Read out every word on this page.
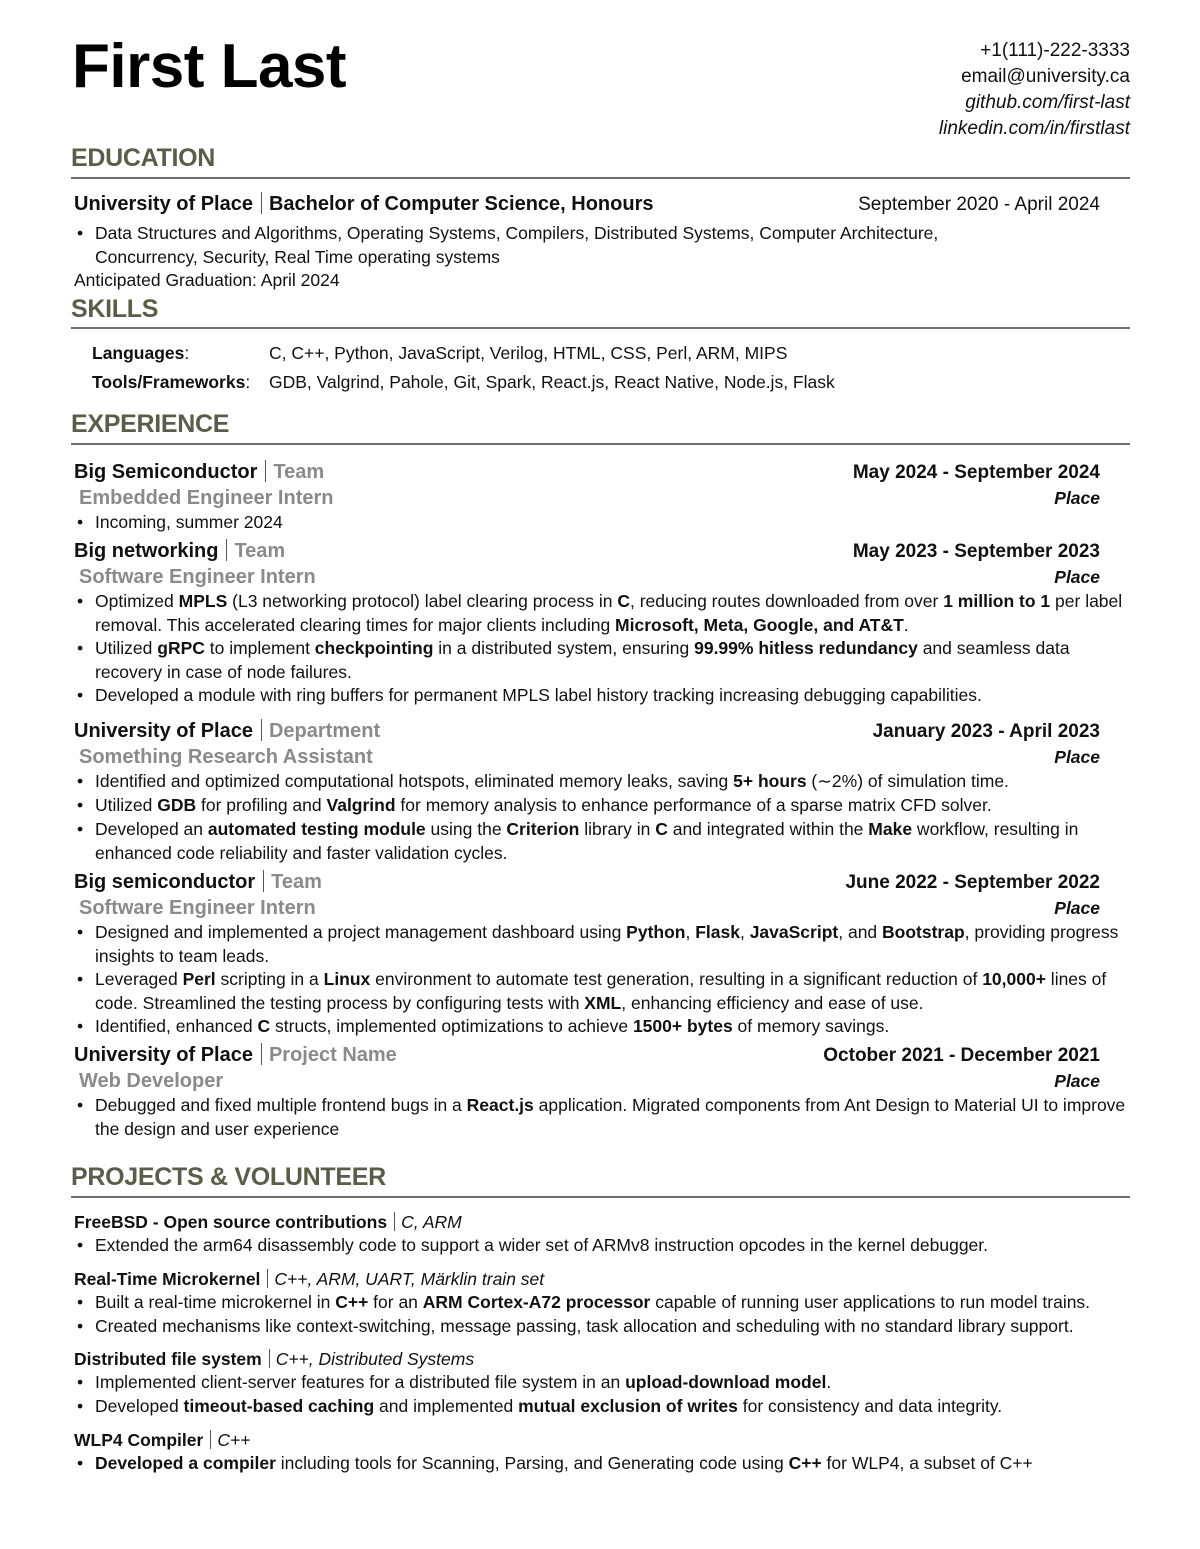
First Last	+1(111)-222-3333
email@university.ca
github.com/first-last
linkedin.com/in/firstlast
EDUCATION
University of Place Bachelor of Computer Science, Honours	September 2020 - April 2024
• Data Structures and Algorithms, Operating Systems, Compilers, Distributed Systems, Computer Architecture,
Concurrency, Security, Real Time operating systems
Anticipated Graduation: April 2024
SKILLS
Languages:	C, C++, Python, JavaScript, Verilog, HTML, CSS, Perl, ARM, MIPS
Tools/Frameworks: GDB, Valgrind, Pahole, Git, Spark, React.js, React Native, Node.js, Flask
EXPERIENCE
Big Semiconductor Team	May 2024 - September 2024
Embedded Engineer Intern	Place
• Incoming, summer 2024
Big networking Team	May 2023 - September 2023
Software Engineer Intern	Place
• Optimized MPLS (L3 networking protocol) label clearing process in C, reducing routes downloaded from over 1 million to 1 per label removal. This accelerated clearing times for major clients including Microsoft, Meta, Google, and AT&T.
• Utilized gRPC to implement checkpointing in a distributed system, ensuring 99.99% hitless redundancy and seamless data recovery in case of node failures.
• Developed a module with ring buffers for permanent MPLS label history tracking increasing debugging capabilities.
University of Place Department	January 2023 - April 2023
Something Research Assistant	Place
• Identified and optimized computational hotspots, eliminated memory leaks, saving 5+ hours (∼2%) of simulation time.
• Utilized GDB for profiling and Valgrind for memory analysis to enhance performance of a sparse matrix CFD solver.
• Developed an automated testing module using the Criterion library in C and integrated within the Make workflow, resulting in enhanced code reliability and faster validation cycles.
Big semiconductor Team	June 2022 - September 2022
Software Engineer Intern	Place
• Designed and implemented a project management dashboard using Python, Flask, JavaScript, and Bootstrap, providing progress insights to team leads.
• Leveraged Perl scripting in a Linux environment to automate test generation, resulting in a significant reduction of 10,000+ lines of code. Streamlined the testing process by configuring tests with XML, enhancing efficiency and ease of use.
• Identified, enhanced C structs, implemented optimizations to achieve 1500+ bytes of memory savings.
University of Place Project Name	October 2021 - December 2021
Web Developer	Place
• Debugged and fixed multiple frontend bugs in a React.js application. Migrated components from Ant Design to Material UI to improve the design and user experience
PROJECTS & VOLUNTEER
FreeBSD - Open source contributions C, ARM
• Extended the arm64 disassembly code to support a wider set of ARMv8 instruction opcodes in the kernel debugger.
Real-Time Microkernel C++, ARM, UART, Märklin train set
• Built a real-time microkernel in C++ for an ARM Cortex-A72 processor capable of running user applications to run model trains.
• Created mechanisms like context-switching, message passing, task allocation and scheduling with no standard library support.
Distributed file system C++, Distributed Systems
• Implemented client-server features for a distributed file system in an upload-download model.
• Developed timeout-based caching and implemented mutual exclusion of writes for consistency and data integrity.
WLP4 Compiler C++
• Developed a compiler including tools for Scanning, Parsing, and Generating code using C++ for WLP4, a subset of C++
